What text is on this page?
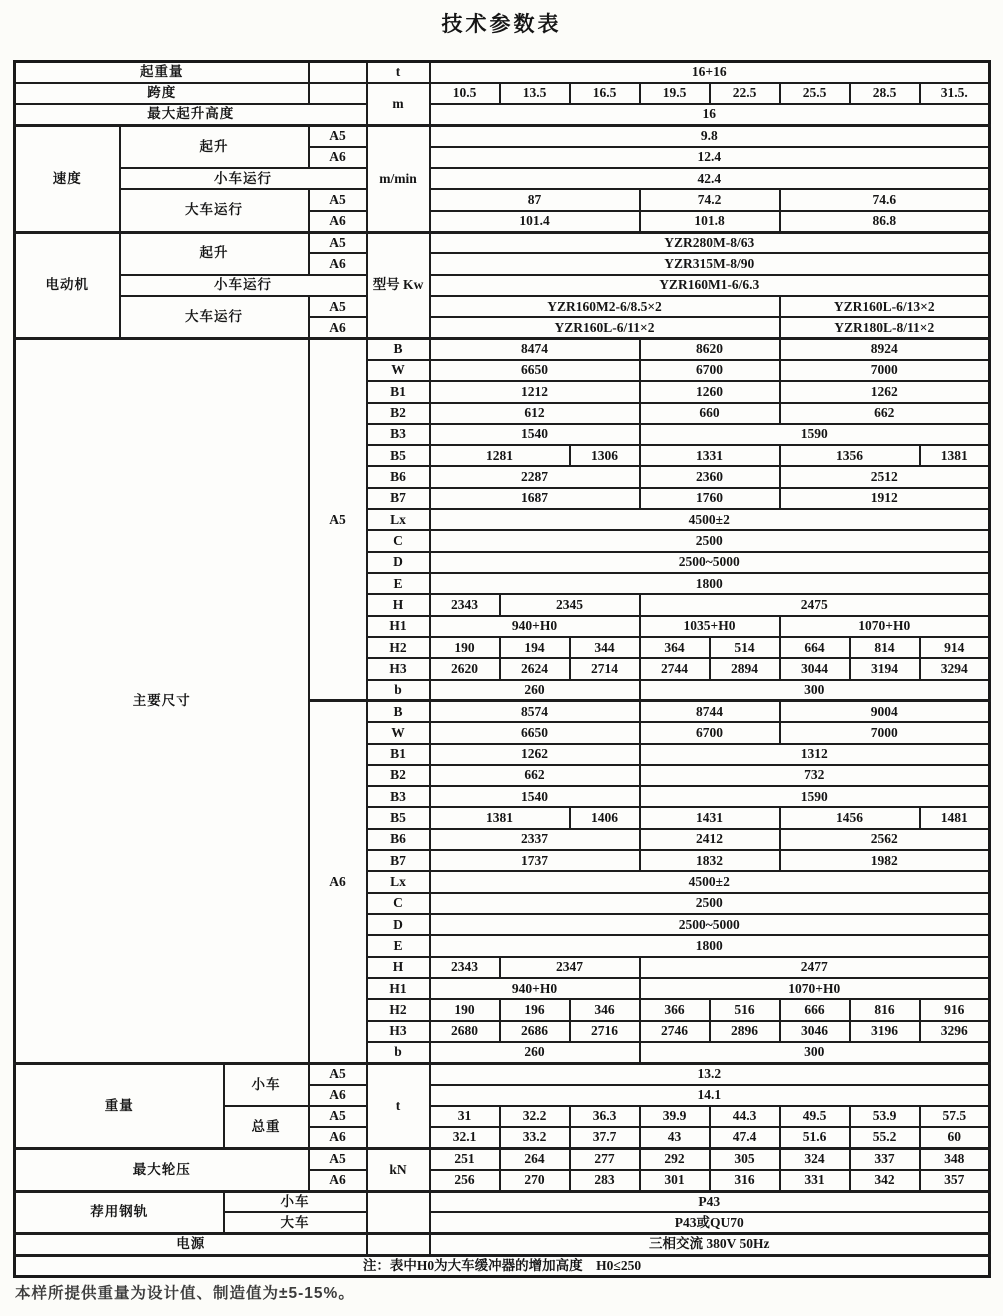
技术参数表
起重量				t	16+16							
跨度				m	10.5	13.5	16.5	19.5	22.5	25.5	28.5	31.5.
最大起升高度					16							
速度	起升		A5	m/min	9.8							
			A6		12.4							
	小车运行				42.4							
	大车运行		A5		87			74.2		74.6		
			A6		101.4			101.8		86.8		
电动机	起升		A5	型号 Kw	YZR280M-8/63							
			A6		YZR315M-8/90							
	小车运行				YZR160M1-6/6.3							
	大车运行		A5		YZR160M2-6/8.5×2					YZR160L-6/13×2		
			A6		YZR160L-6/11×2					YZR180L-8/11×2		
主要尺寸			A5	B	8474			8620		8924		
				W	6650			6700		7000		
				B1	1212			1260		1262		
				B2	612			660		662		
				B3	1540			1590				
				B5	1281		1306	1331		1356		1381
				B6	2287			2360		2512		
				B7	1687			1760		1912		
				Lx	4500±2							
				C	2500							
				D	2500~5000							
				E	1800							
				H	2343	2345		2475				
				H1	940+H0			1035+H0		1070+H0		
				H2	190	194	344	364	514	664	814	914
				H3	2620	2624	2714	2744	2894	3044	3194	3294
				b	260			300				
			A6	B	8574			8744		9004		
				W	6650			6700		7000		
				B1	1262			1312				
				B2	662			732				
				B3	1540			1590				
				B5	1381		1406	1431		1456		1481
				B6	2337			2412		2562		
				B7	1737			1832		1982		
				Lx	4500±2							
				C	2500							
				D	2500~5000							
				E	1800							
				H	2343	2347		2477				
				H1	940+H0			1070+H0				
				H2	190	196	346	366	516	666	816	916
				H3	2680	2686	2716	2746	2896	3046	3196	3296
				b	260			300				
重量		小车	A5	t	13.2							
			A6		14.1							
		总重	A5		31	32.2	36.3	39.9	44.3	49.5	53.9	57.5
			A6		32.1	33.2	37.7	43	47.4	51.6	55.2	60
最大轮压			A5	kN	251	264	277	292	305	324	337	348
			A6		256	270	283	301	316	331	342	357
荐用钢轨		小车			P43							
		大车			P43或QU70							
电源					三相交流 380V 50Hz							
注：表中H0为大车缓冲器的增加高度　H0≤250												
本样所提供重量为设计值、制造值为±5-15%。
